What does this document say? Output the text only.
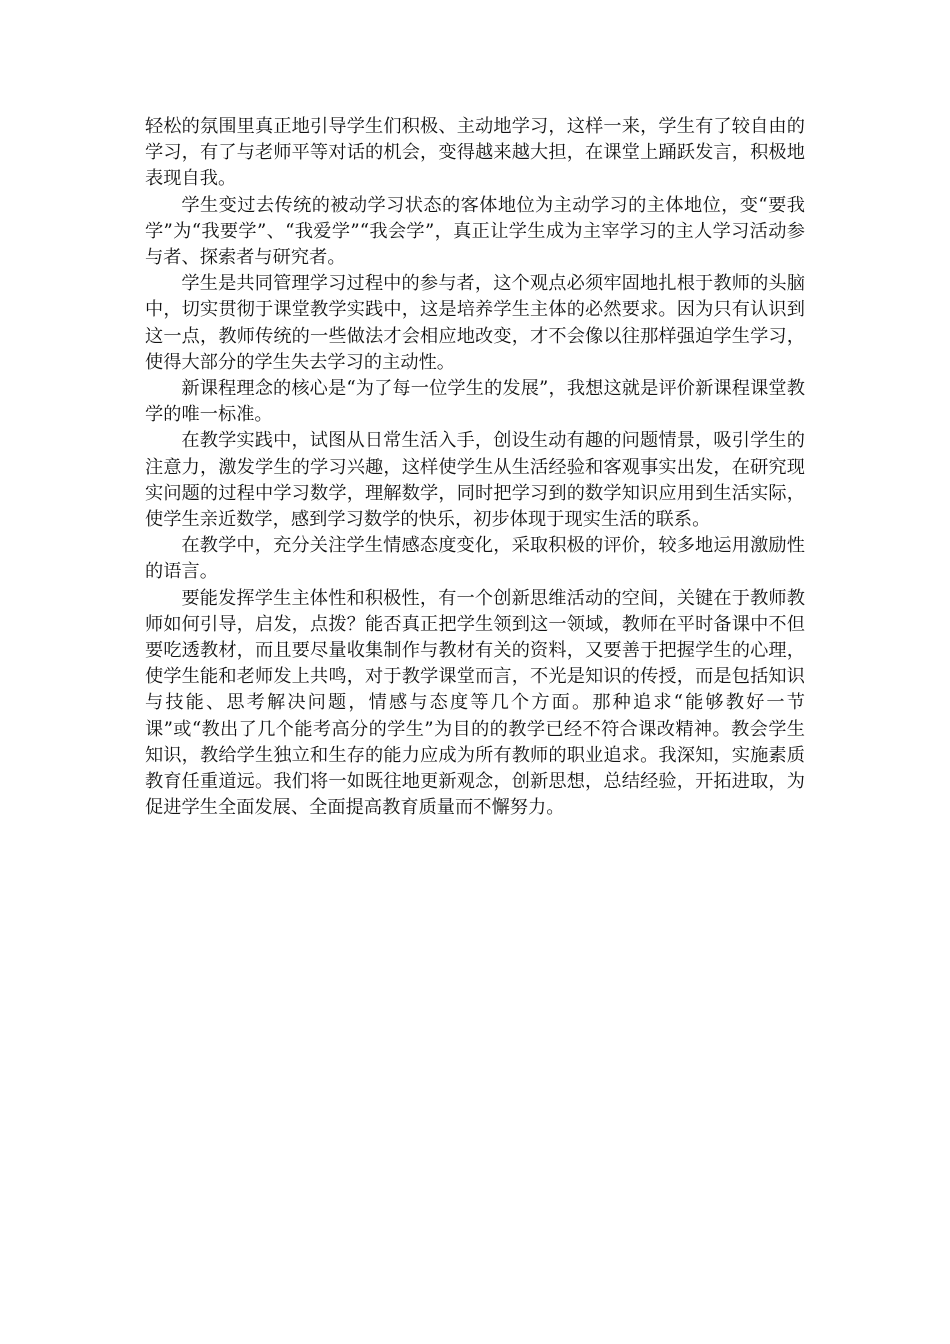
轻松的氛围里真正地引导学生们积极、主动地学习，这样一来，学生有了较自由的学习，有了与老师平等对话的机会，变得越来越大担，在课堂上踊跃发言，积极地表现自我。

学生变过去传统的被动学习状态的客体地位为主动学习的主体地位，变“要我学”为“我要学”、“我爱学”“我会学”，真正让学生成为主宰学习的主人学习活动参与者、探索者与研究者。

学生是共同管理学习过程中的参与者，这个观点必须牢固地扎根于教师的头脑中，切实贯彻于课堂教学实践中，这是培养学生主体的必然要求。因为只有认识到这一点，教师传统的一些做法才会相应地改变，才不会像以往那样强迫学生学习，使得大部分的学生失去学习的主动性。

新课程理念的核心是“为了每一位学生的发展”，我想这就是评价新课程课堂教学的唯一标准。

在教学实践中，试图从日常生活入手，创设生动有趣的问题情景，吸引学生的注意力，激发学生的学习兴趣，这样使学生从生活经验和客观事实出发，在研究现实问题的过程中学习数学，理解数学，同时把学习到的数学知识应用到生活实际，使学生亲近数学，感到学习数学的快乐，初步体现于现实生活的联系。

在教学中，充分关注学生情感态度变化，采取积极的评价，较多地运用激励性的语言。

要能发挥学生主体性和积极性，有一个创新思维活动的空间，关键在于教师教师如何引导，启发，点拨？能否真正把学生领到这一领域，教师在平时备课中不但要吃透教材，而且要尽量收集制作与教材有关的资料，又要善于把握学生的心理，使学生能和老师发上共鸣，对于教学课堂而言，不光是知识的传授，而是包括知识与技能、思考解决问题，情感与态度等几个方面。那种追求“能够教好一节课”或“教出了几个能考高分的学生”为目的的教学已经不符合课改精神。教会学生知识，教给学生独立和生存的能力应成为所有教师的职业追求。我深知，实施素质教育任重道远。我们将一如既往地更新观念，创新思想，总结经验，开拓进取，为促进学生全面发展、全面提高教育质量而不懈努力。
